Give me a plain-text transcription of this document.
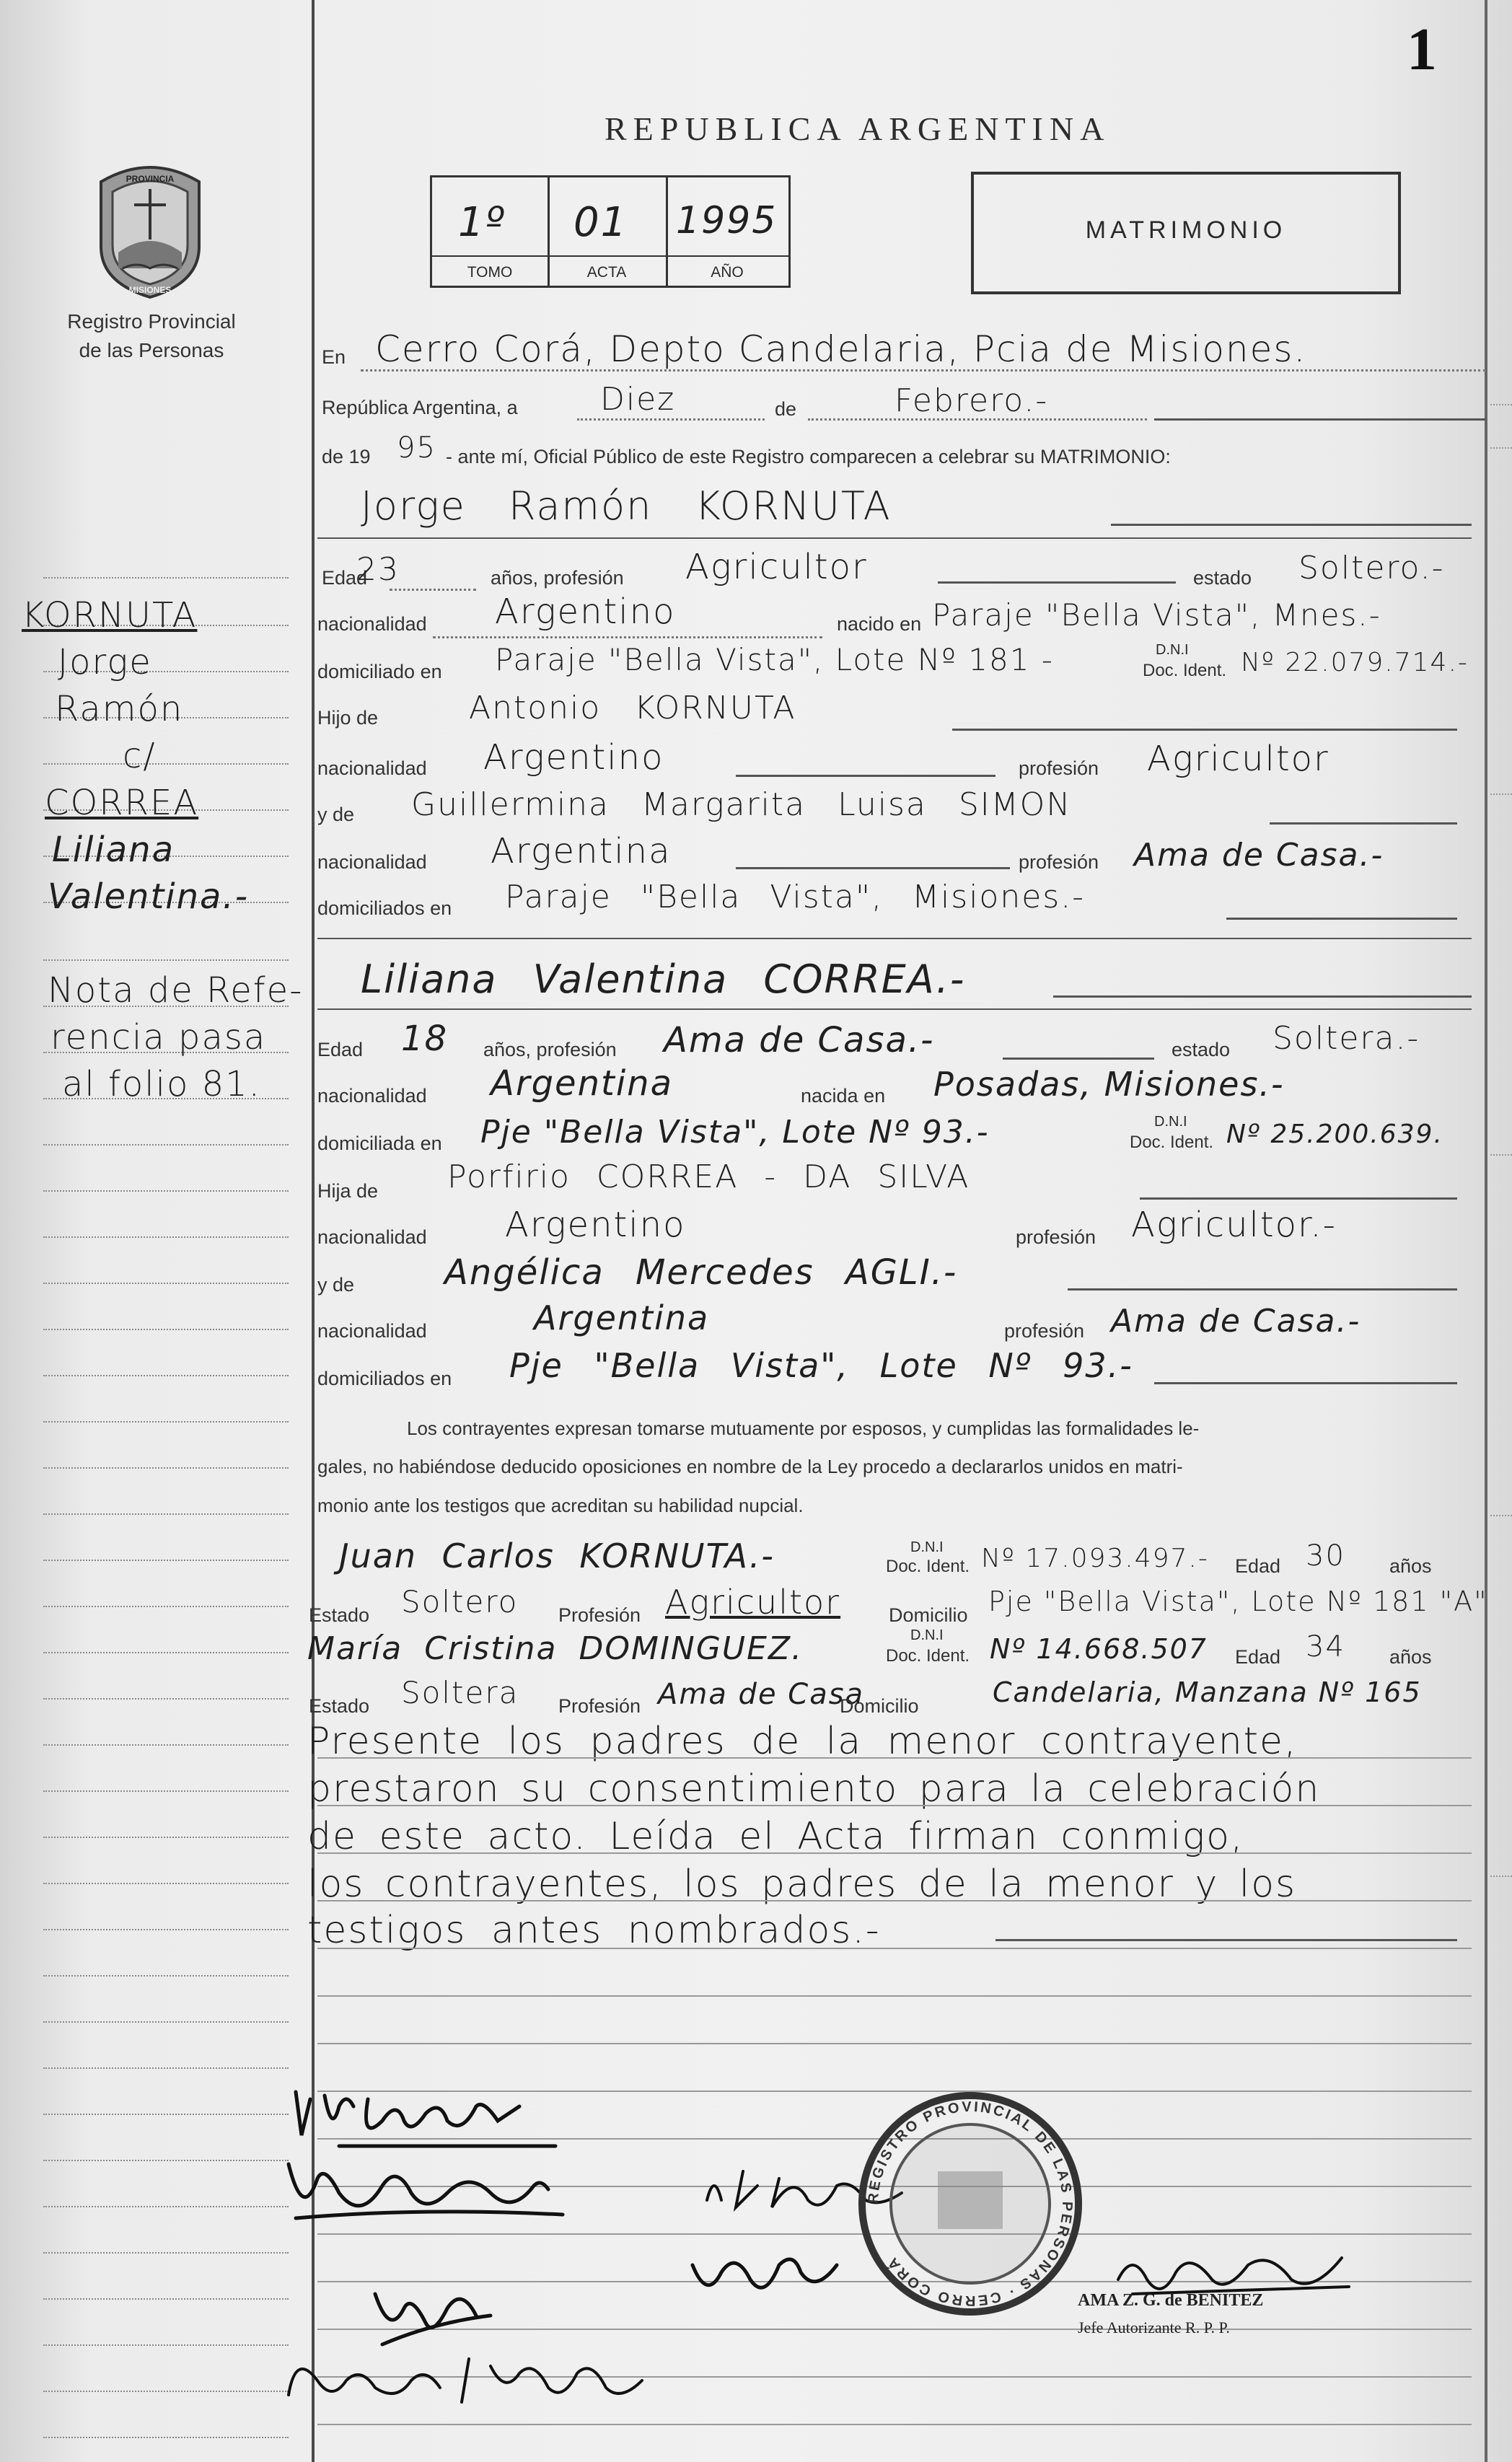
1
REPUBLICA ARGENTINA
1º
TOMO
01
ACTA
1995
AÑO
MATRIMONIO
PROVINCIA
MISIONES
Registro Provincial
de las Personas
KORNUTA
Jorge
Ramón
c/
CORREA
Liliana
Valentina.-
Nota de Refe-
rencia pasa
al folio 81.
En Cerro Corá, Depto Candelaria, Pcia de Misiones.
República Argentina, a	Diez	de	Febrero.-
de 19 95 - ante mí, Oficial Público de este Registro comparecen a celebrar su MATRIMONIO:
Jorge Ramón KORNUTA
Edad
23	años, profesión Agricultor	estado Soltero.-
nacionalidad Argentino	nacido en Paraje "Bella Vista", Mnes.-
domiciliado en Paraje "Bella Vista", Lote Nº 181 -	D.N.I
Doc. Ident. Nº 22.079.714.-
Hijo de	Antonio KORNUTA
nacionalidad Argentino	profesión Agricultor
y de Guillermina Margarita Luisa SIMON
nacionalidad Argentina	profesión Ama de Casa.-
domiciliados en Paraje "Bella Vista", Misiones.-
Liliana Valentina CORREA.-
Edad 18 años, profesión Ama de Casa.-	estado Soltera.-
nacionalidad Argentina	nacida en Posadas, Misiones.-
domiciliada en Pje "Bella Vista", Lote Nº 93.-	D.N.I
Doc. Ident. Nº 25.200.639.
Hija de Porfirio CORREA - DA SILVA
nacionalidad Argentino	profesión Agricultor.-
y de	Angélica Mercedes AGLI.-
nacionalidad	Argentina	profesión Ama de Casa.-
domiciliados en Pje "Bella Vista", Lote Nº 93.-
Los contrayentes expresan tomarse mutuamente por esposos, y cumplidas las formalidades le-
gales, no habiéndose deducido oposiciones en nombre de la Ley procedo a declararlos unidos en matri-
monio ante los testigos que acreditan su habilidad nupcial.
Juan Carlos KORNUTA.-	D.N.I
Doc. Ident. Nº 17.093.497.- Edad 30 años
Estado Soltero Profesión Agricultor Domicilio Pje "Bella Vista", Lote Nº 181 "A"
María Cristina DOMINGUEZ.	D.N.I
Doc. Ident. Nº 14.668.507 Edad 34 años
Estado Soltera Profesión Ama de Casa
Domicilio	Candelaria, Manzana Nº 165
Presente los padres de la menor contrayente,
prestaron su consentimiento para la celebración
de este acto. Leída el Acta firman conmigo,
los contrayentes, los padres de la menor y los
testigos antes nombrados.-
AMA Z. G. de BENITEZ
Jefe Autorizante R. P. P.
REGISTRO PROVINCIAL DE LAS PERSONAS · CERRO CORÁ
